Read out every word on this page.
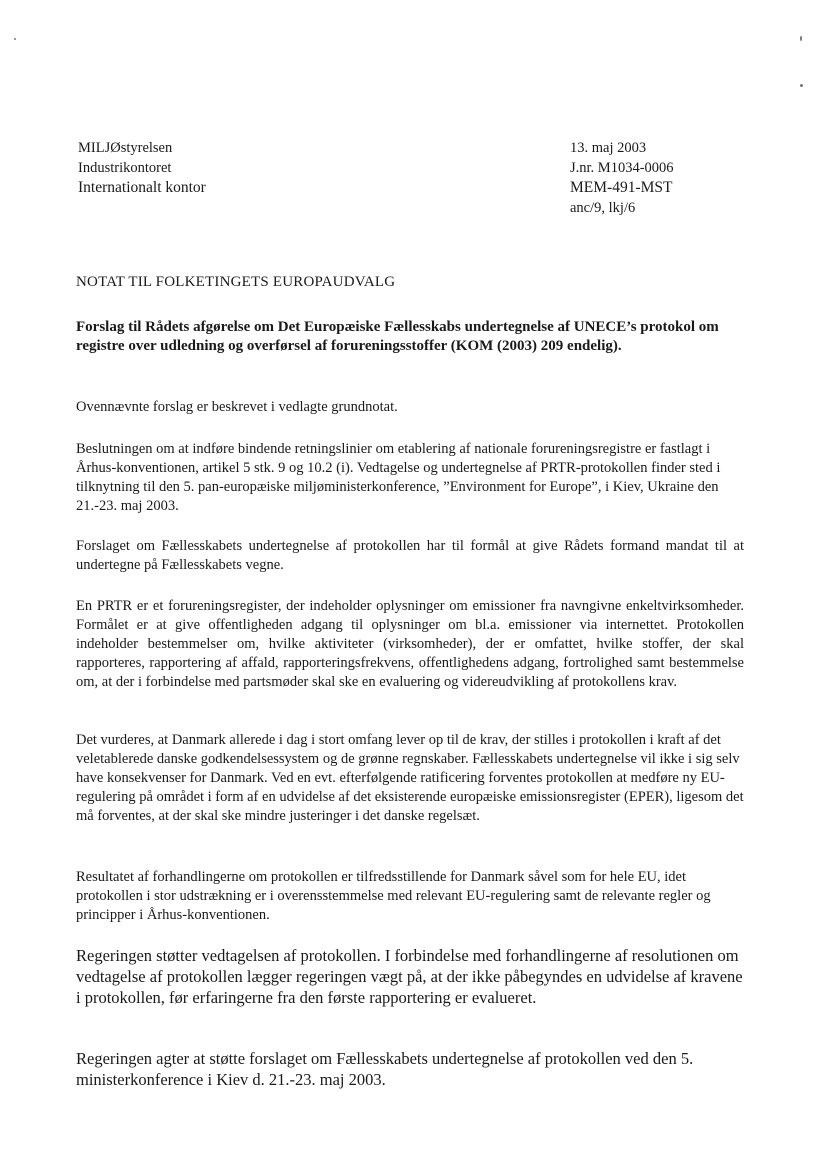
MILJØstyrelsen
Industrikontoret
Internationalt kontor
13. maj 2003
J.nr. M1034-0006
MEM-491-MST
anc/9, lkj/6
NOTAT TIL FOLKETINGETS EUROPAUDVALG

Forslag til Rådets afgørelse om Det Europæiske Fællesskabs undertegnelse af UNECE’s protokol om registre over udledning og overførsel af forureningsstoffer (KOM (2003) 209 endelig).

Ovennævnte forslag er beskrevet i vedlagte grundnotat.

Beslutningen om at indføre bindende retningslinier om etablering af nationale forureningsregistre er fastlagt i Århus-konventionen, artikel 5 stk. 9 og 10.2 (i). Vedtagelse og undertegnelse af PRTR-protokollen finder sted i tilknytning til den 5. pan-europæiske miljøministerkonference, ”Environment for Europe”, i Kiev, Ukraine den 21.-23. maj 2003.

Forslaget om Fællesskabets undertegnelse af protokollen har til formål at give Rådets formand mandat til at undertegne på Fællesskabets vegne.

En PRTR er et forureningsregister, der indeholder oplysninger om emissioner fra navngivne enkeltvirksomheder. Formålet er at give offentligheden adgang til oplysninger om bl.a. emissioner via internettet. Protokollen indeholder bestemmelser om, hvilke aktiviteter (virksomheder), der er omfattet, hvilke stoffer, der skal rapporteres, rapportering af affald, rapporteringsfrekvens, offentlighedens adgang, fortrolighed samt bestemmelse om, at der i forbindelse med partsmøder skal ske en evaluering og videreudvikling af protokollens krav.

Det vurderes, at Danmark allerede i dag i stort omfang lever op til de krav, der stilles i protokollen i kraft af det veletablerede danske godkendelsessystem og de grønne regnskaber. Fællesskabets undertegnelse vil ikke i sig selv have konsekvenser for Danmark. Ved en evt. efterfølgende ratificering forventes protokollen at medføre ny EU-regulering på området i form af en udvidelse af det eksisterende europæiske emissionsregister (EPER), ligesom det må forventes, at der skal ske mindre justeringer i det danske regelsæt.

Resultatet af forhandlingerne om protokollen er tilfredsstillende for Danmark såvel som for hele EU, idet protokollen i stor udstrækning er i overensstemmelse med relevant EU-regulering samt de relevante regler og principper i Århus-konventionen.

Regeringen støtter vedtagelsen af protokollen. I forbindelse med forhandlingerne af resolutionen om vedtagelse af protokollen lægger regeringen vægt på, at der ikke påbegyndes en udvidelse af kravene i protokollen, før erfaringerne fra den første rapportering er evalueret.

Regeringen agter at støtte forslaget om Fællesskabets undertegnelse af protokollen ved den 5. ministerkonference i Kiev d. 21.-23. maj 2003.
